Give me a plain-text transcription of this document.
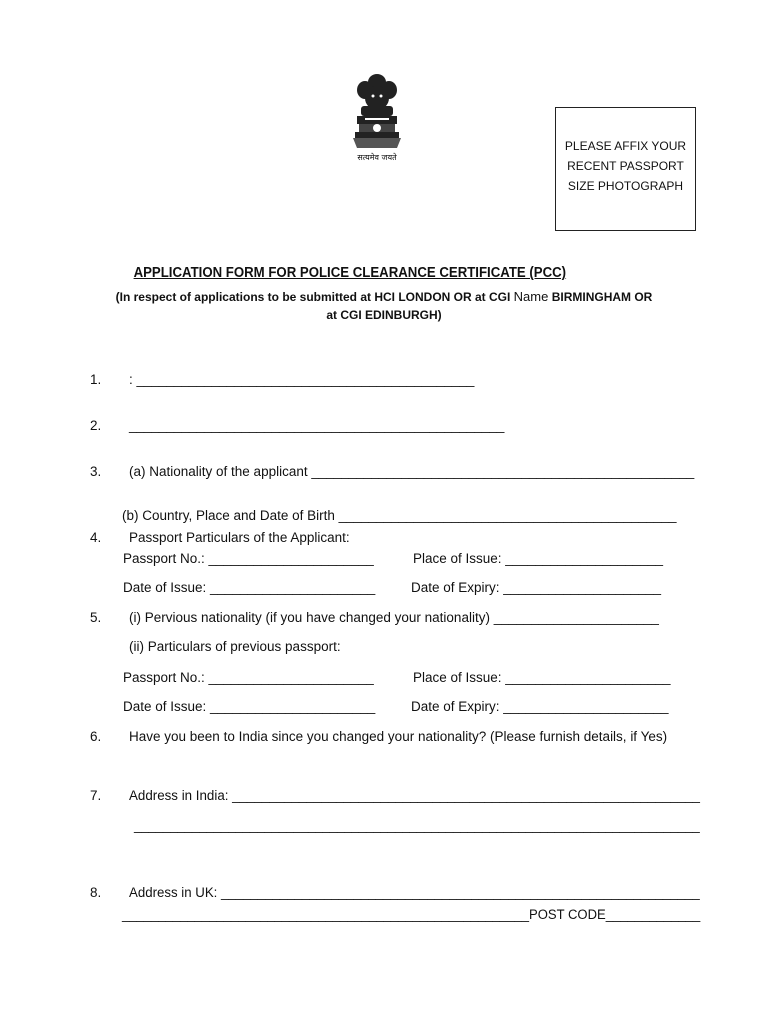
सत्यमेव जयते
PLEASE AFFIX YOUR
RECENT PASSPORT
SIZE PHOTOGRAPH
APPLICATION FORM FOR POLICE CLEARANCE CERTIFICATE (PCC)
(In respect of applications to be submitted at HCI LONDON OR at CGI Name BIRMINGHAM OR at CGI EDINBURGH)
1. : _____________________________________________
2. __________________________________________________
3. (a) Nationality of the applicant ___________________________________________________
(b) Country, Place and Date of Birth _____________________________________________
4. Passport Particulars of the Applicant:
Passport No.: ______________________	Place of Issue: _____________________
Date of Issue: ______________________	Date of Expiry: _____________________
5. (i) Pervious nationality (if you have changed your nationality) ______________________
(ii) Particulars of previous passport:
Passport No.: ______________________	Place of Issue: ______________________
Date of Issue: ______________________	Date of Expiry: ______________________
6. Have you been to India since you changed your nationality? (Please furnish details, if Yes)
7. Address in India: _______________________________________________________________
______________________________________________________________________________
8. Address in UK: _________________________________________________________________
________________________________________________________POST CODE_____________
